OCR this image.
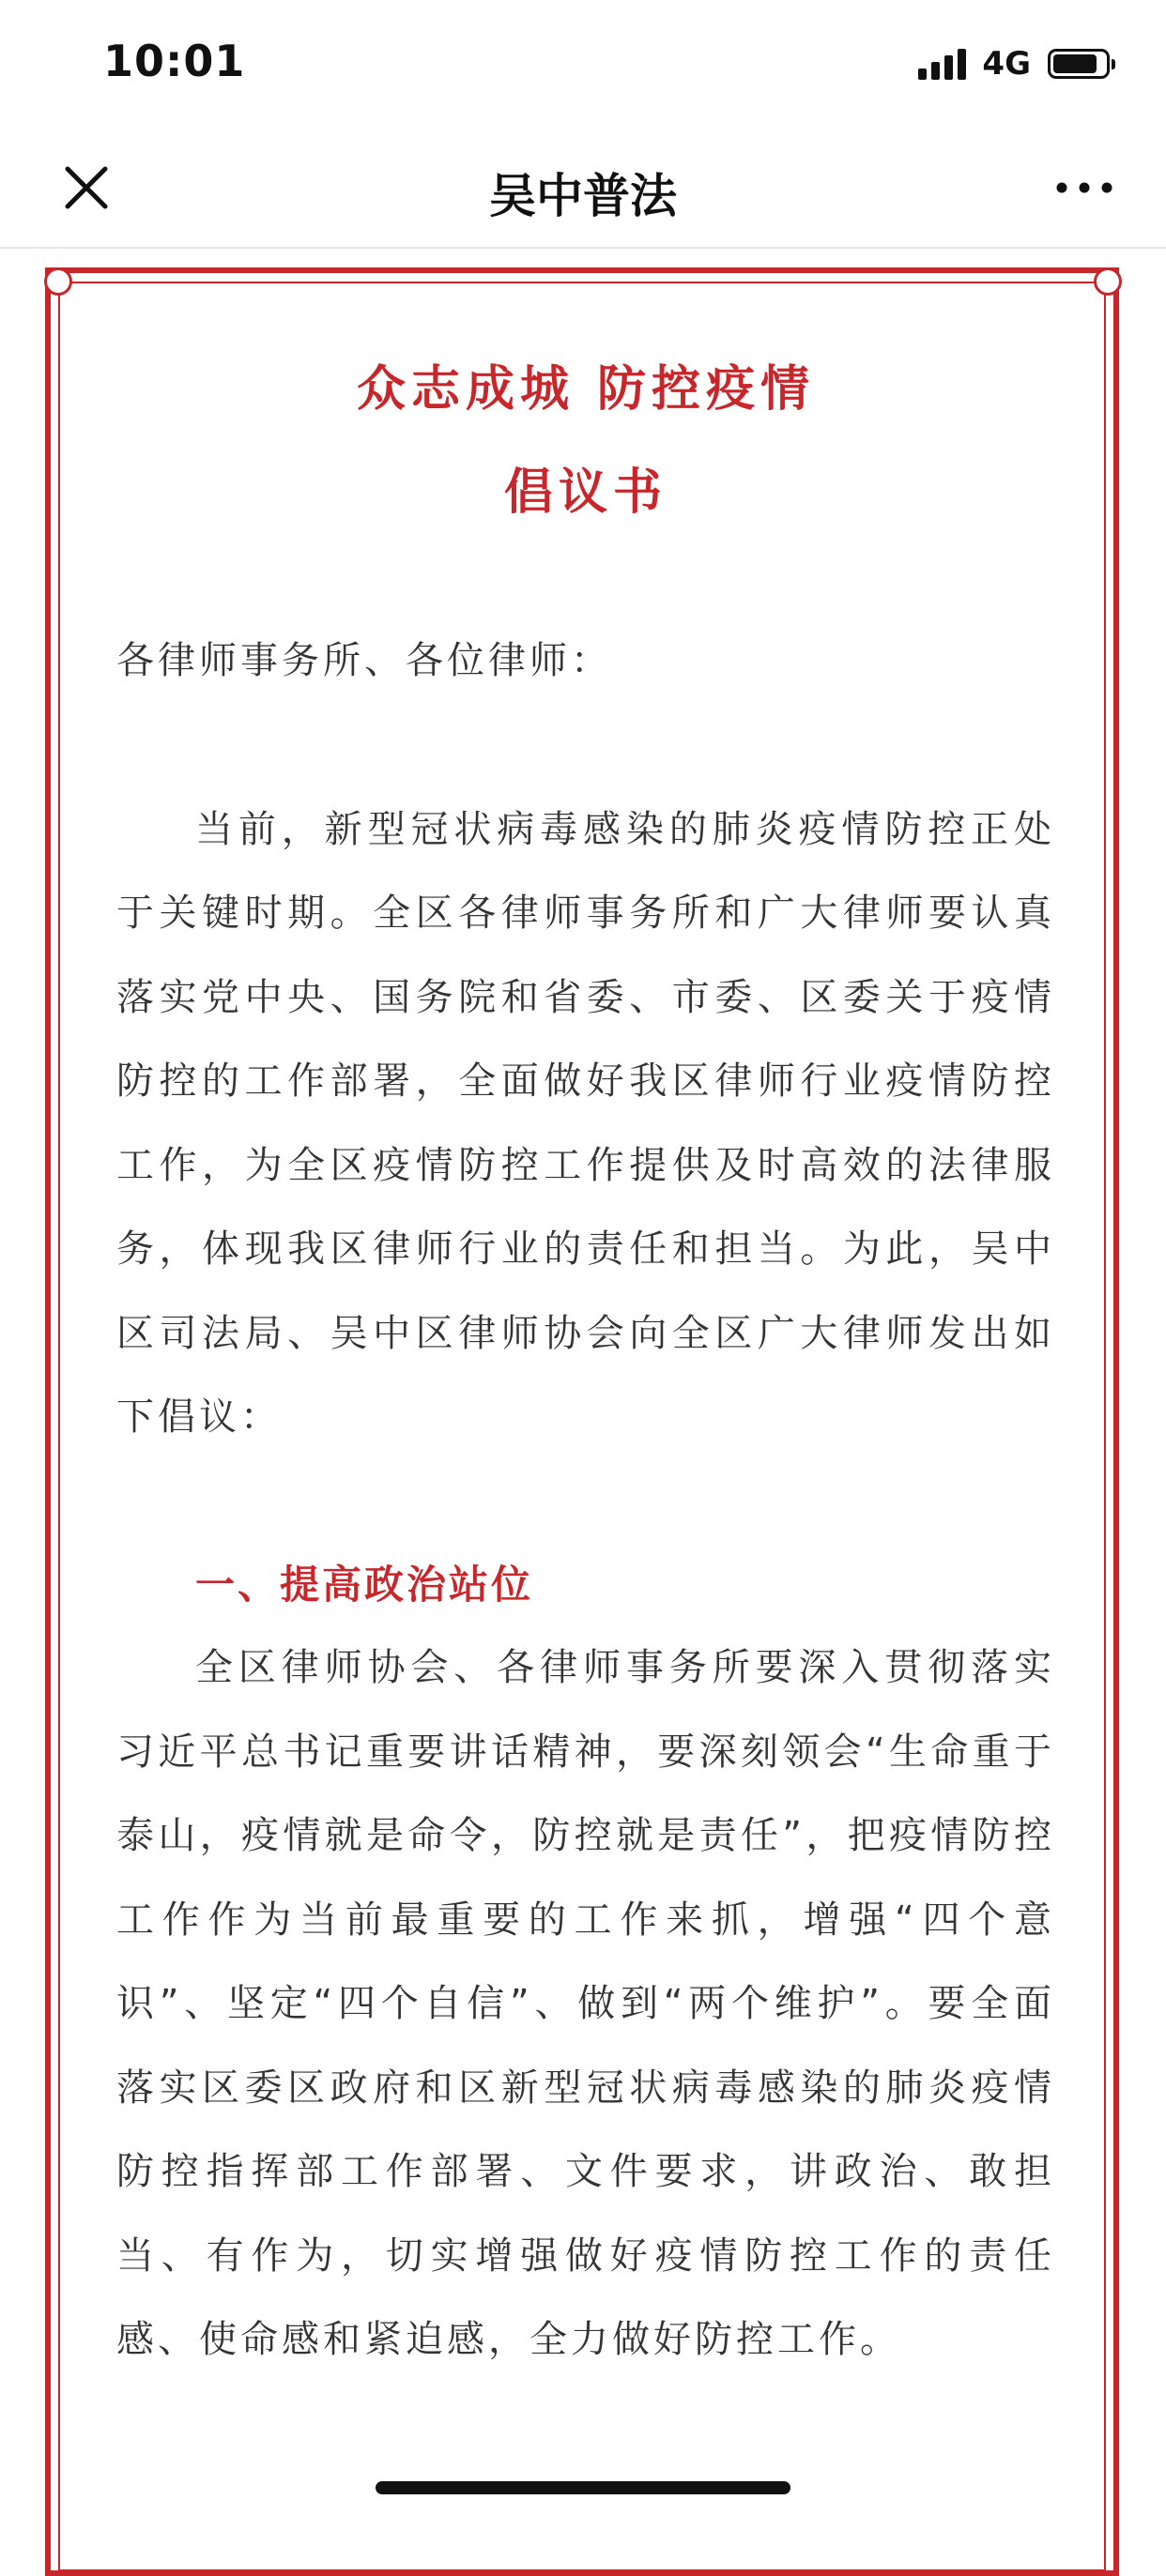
10:01	4G
吴中普法
众志成城 防控疫情
倡议书

各律师事务所、各位律师：

当前，新型冠状病毒感染的肺炎疫情防控正处于关键时期。全区各律师事务所和广大律师要认真落实党中央、国务院和省委、市委、区委关于疫情防控的工作部署，全面做好我区律师行业疫情防控工作，为全区疫情防控工作提供及时高效的法律服务，体现我区律师行业的责任和担当。为此，吴中区司法局、吴中区律师协会向全区广大律师发出如下倡议：

一、提高政治站位

全区律师协会、各律师事务所要深入贯彻落实习近平总书记重要讲话精神，要深刻领会“生命重于泰山，疫情就是命令，防控就是责任”，把疫情防控工作作为当前最重要的工作来抓，增强“四个意识”、坚定“四个自信”、做到“两个维护”。要全面落实区委区政府和区新型冠状病毒感染的肺炎疫情防控指挥部工作部署、文件要求，讲政治、敢担当、有作为，切实增强做好疫情防控工作的责任感、使命感和紧迫感，全力做好防控工作。
